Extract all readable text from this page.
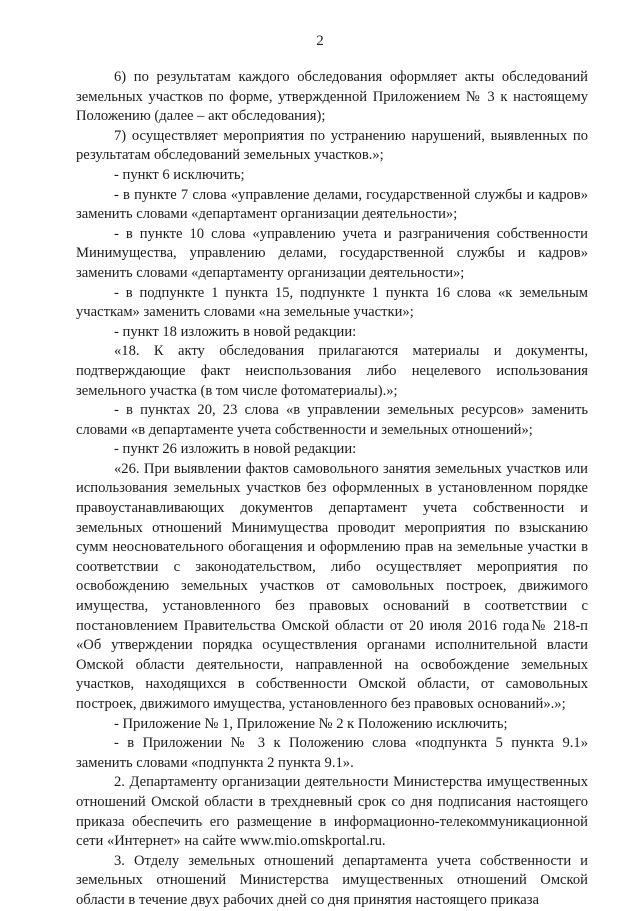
2

6) по результатам каждого обследования оформляет акты обследований земельных участков по форме, утвержденной Приложением № 3 к настоящему Положению (далее – акт обследования);

7) осуществляет мероприятия по устранению нарушений, выявленных по результатам обследований земельных участков.»;

- пункт 6 исключить;

- в пункте 7 слова «управление делами, государственной службы и кадров» заменить словами «департамент организации деятельности»;

- в пункте 10 слова «управлению учета и разграничения собственности Минимущества, управлению делами, государственной службы и кадров» заменить словами «департаменту организации деятельности»;

- в подпункте 1 пункта 15, подпункте 1 пункта 16 слова «к земельным участкам» заменить словами «на земельные участки»;

- пункт 18 изложить в новой редакции:

«18. К акту обследования прилагаются материалы и документы, подтверждающие факт неиспользования либо нецелевого использования земельного участка (в том числе фотоматериалы).»;

- в пунктах 20, 23 слова «в управлении земельных ресурсов» заменить словами «в департаменте учета собственности и земельных отношений»;

- пункт 26 изложить в новой редакции:

«26. При выявлении фактов самовольного занятия земельных участков или использования земельных участков без оформленных в установленном порядке правоустанавливающих документов департамент учета собственности и земельных отношений Минимущества проводит мероприятия по взысканию сумм неосновательного обогащения и оформлению прав на земельные участки в соответствии с законодательством, либо осуществляет мероприятия по освобождению земельных участков от самовольных построек, движимого имущества, установленного без правовых оснований в соответствии с постановлением Правительства Омской области от 20 июля 2016 года№ 218-п «Об утверждении порядка осуществления органами исполнительной власти Омской области деятельности, направленной на освобождение земельных участков, находящихся в собственности Омской области, от самовольных построек, движимого имущества, установленного без правовых оснований».»;

- Приложение № 1, Приложение № 2 к Положению исключить;

- в Приложении № 3 к Положению слова «подпункта 5 пункта 9.1» заменить словами «подпункта 2 пункта 9.1».

2. Департаменту организации деятельности Министерства имущественных отношений Омской области в трехдневный срок со дня подписания настоящего приказа обеспечить его размещение в информационно-телекоммуникационной сети «Интернет» на сайте www.mio.omskportal.ru.

3. Отделу земельных отношений департамента учета собственности и земельных отношений Министерства имущественных отношений Омской области в течение двух рабочих дней со дня принятия настоящего приказа
